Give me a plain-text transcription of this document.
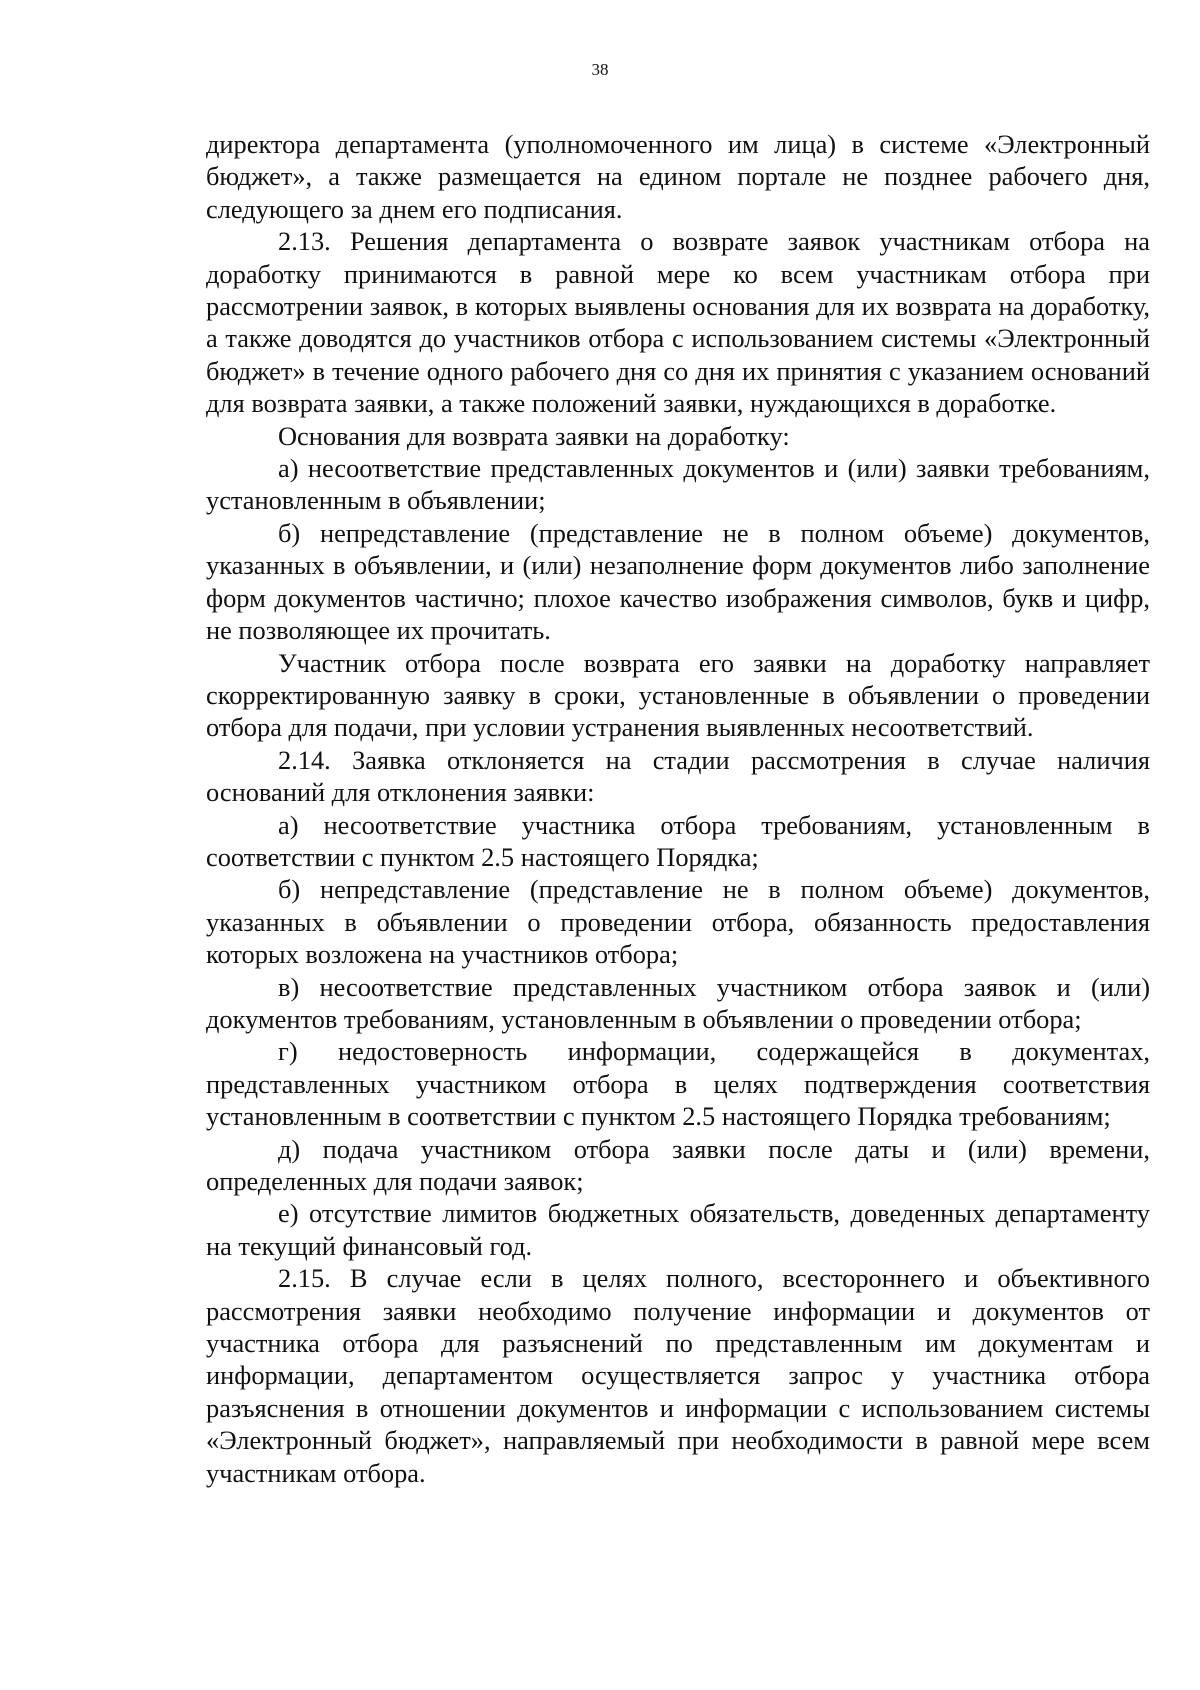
38

директора департамента (уполномоченного им лица) в системе «Электронный бюджет», а также размещается на едином портале не позднее рабочего дня, следующего за днем его подписания.

2.13. Решения департамента о возврате заявок участникам отбора на доработку принимаются в равной мере ко всем участникам отбора при рассмотрении заявок, в которых выявлены основания для их возврата на доработку, а также доводятся до участников отбора с использованием системы «Электронный бюджет» в течение одного рабочего дня со дня их принятия с указанием оснований для возврата заявки, а также положений заявки, нуждающихся в доработке.

Основания для возврата заявки на доработку:

а) несоответствие представленных документов и (или) заявки требованиям, установленным в объявлении;

б) непредставление (представление не в полном объеме) документов, указанных в объявлении, и (или) незаполнение форм документов либо заполнение форм документов частично; плохое качество изображения символов, букв и цифр, не позволяющее их прочитать.

Участник отбора после возврата его заявки на доработку направляет скорректированную заявку в сроки, установленные в объявлении о проведении отбора для подачи, при условии устранения выявленных несоответствий.

2.14. Заявка отклоняется на стадии рассмотрения в случае наличия оснований для отклонения заявки:

а) несоответствие участника отбора требованиям, установленным в соответствии с пунктом 2.5 настоящего Порядка;

б) непредставление (представление не в полном объеме) документов, указанных в объявлении о проведении отбора, обязанность предоставления которых возложена на участников отбора;

в) несоответствие представленных участником отбора заявок и (или) документов требованиям, установленным в объявлении о проведении отбора;

г) недостоверность информации, содержащейся в документах, представленных участником отбора в целях подтверждения соответствия установленным в соответствии с пунктом 2.5 настоящего Порядка требованиям;

д) подача участником отбора заявки после даты и (или) времени, определенных для подачи заявок;

е) отсутствие лимитов бюджетных обязательств, доведенных департаменту на текущий финансовый год.

2.15. В случае если в целях полного, всестороннего и объективного рассмотрения заявки необходимо получение информации и документов от участника отбора для разъяснений по представленным им документам и информации, департаментом осуществляется запрос у участника отбора разъяснения в отношении документов и информации с использованием системы «Электронный бюджет», направляемый при необходимости в равной мере всем участникам отбора.
